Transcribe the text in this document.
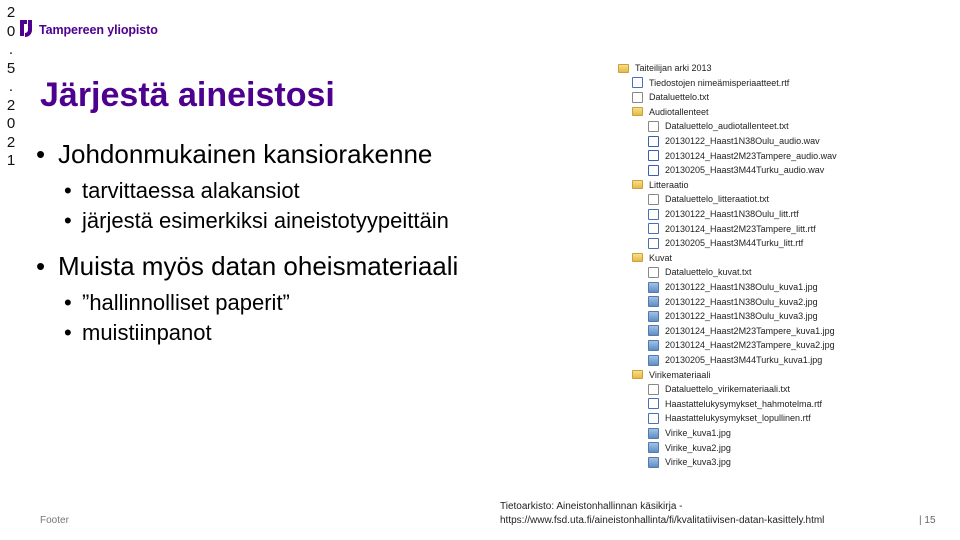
2
0
.
5
.
2
0
2
1
Tampereen yliopisto
Järjestä aineistosi
• Johdonmukainen kansiorakenne
• tarvittaessa alakansiot
• järjestä esimerkiksi aineistotyypeittäin
• Muista myös datan oheismateriaali
• ”hallinnolliset paperit”
• muistiinpanot
Taiteilijan arki 2013
Tiedostojen nimeämisperiaatteet.rtf
Dataluettelo.txt
Audiotallenteet
Dataluettelo_audiotallenteet.txt
20130122_Haast1N38Oulu_audio.wav
20130124_Haast2M23Tampere_audio.wav
20130205_Haast3M44Turku_audio.wav
Litteraatio
Dataluettelo_litteraatiot.txt
20130122_Haast1N38Oulu_litt.rtf
20130124_Haast2M23Tampere_litt.rtf
20130205_Haast3M44Turku_litt.rtf
Kuvat
Dataluettelo_kuvat.txt
20130122_Haast1N38Oulu_kuva1.jpg
20130122_Haast1N38Oulu_kuva2.jpg
20130122_Haast1N38Oulu_kuva3.jpg
20130124_Haast2M23Tampere_kuva1.jpg
20130124_Haast2M23Tampere_kuva2.jpg
20130205_Haast3M44Turku_kuva1.jpg
Virikemateriaali
Dataluettelo_virikemateriaali.txt
Haastattelukysymykset_hahmotelma.rtf
Haastattelukysymykset_lopullinen.rtf
Virike_kuva1.jpg
Virike_kuva2.jpg
Virike_kuva3.jpg
Footer
Tietoarkisto: Aineistonhallinnan käsikirja -
https://www.fsd.uta.fi/aineistonhallinta/fi/kvalitatiivisen-datan-kasittely.html	| 15
